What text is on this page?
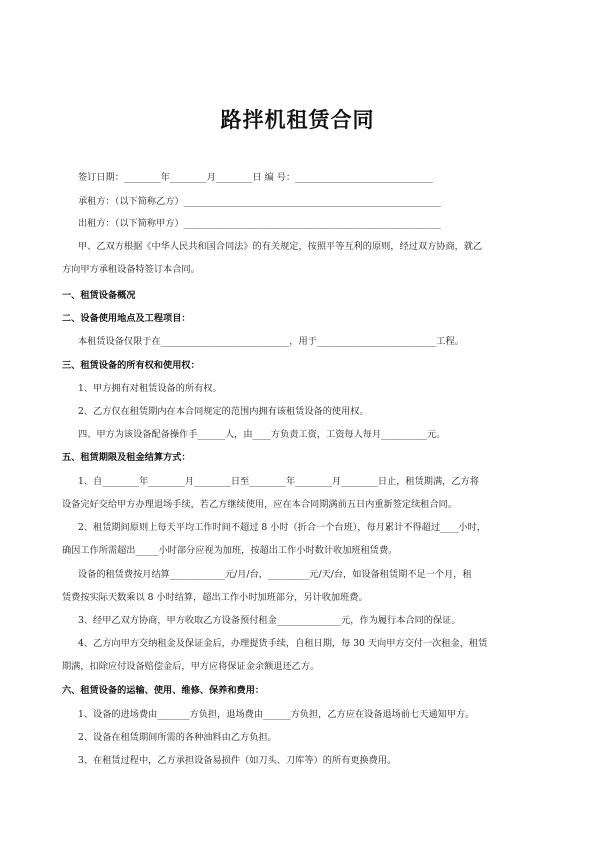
路拌机租赁合同
签订日期：________年________月________日 编 号：______________________________
承租方：（以下简称乙方）________________________________________________________
出租方：（以下简称甲方）________________________________________________________
甲、乙双方根据《中华人民共和国合同法》的有关规定，按照平等互利的原则，经过双方协商，就乙
方向甲方承租设备特签订本合同。
一、租赁设备概况
二、设备使用地点及工程项目：
本租赁设备仅限于在____________________________，用于__________________________工程。
三、租赁设备的所有权和使用权：
1、甲方拥有对租赁设备的所有权。
2、乙方仅在租赁期内在本合同规定的范围内拥有该租赁设备的使用权。
四、甲方为该设备配备操作手______人，由____方负责工资，工资每人每月__________元。
五、租赁期限及租金结算方式：
1、自________年________月________日至________年________月________日止，租赁期满，乙方将
设备完好交给甲方办理退场手续，若乙方继续使用，应在本合同期满前五日内重新签定续租合同。
2、租赁期间原则上每天平均工作时间不超过 8 小时（折合一个台班），每月累计不得超过____小时，
确因工作所需超出_____小时部分应视为加班，按超出工作小时数计收加班租赁费。
设备的租赁费按月结算____________元/月/台，_________元/天/台，如设备租赁期不足一个月，租
赁费按实际天数乘以 8 小时结算，超出工作小时加班部分，另计收加班费。
3、经甲乙双方协商，甲方收取乙方设备预付租金______________元，作为履行本合同的保证。
4、乙方向甲方交纳租金及保证金后，办理提货手续，自租日期，每 30 天向甲方交付一次租金，租赁
期满，扣除应付设备赔偿金后，甲方应将保证金余额退还乙方。
六、租赁设备的运输、使用、维修、保养和费用：
1、设备的进场费由_______方负担，退场费由______方负担，乙方应在设备退场前七天通知甲方。
2、设备在租赁期间所需的各种油料由乙方负担。
3、在租赁过程中，乙方承担设备易损件（如刀头、刀库等）的所有更换费用。
